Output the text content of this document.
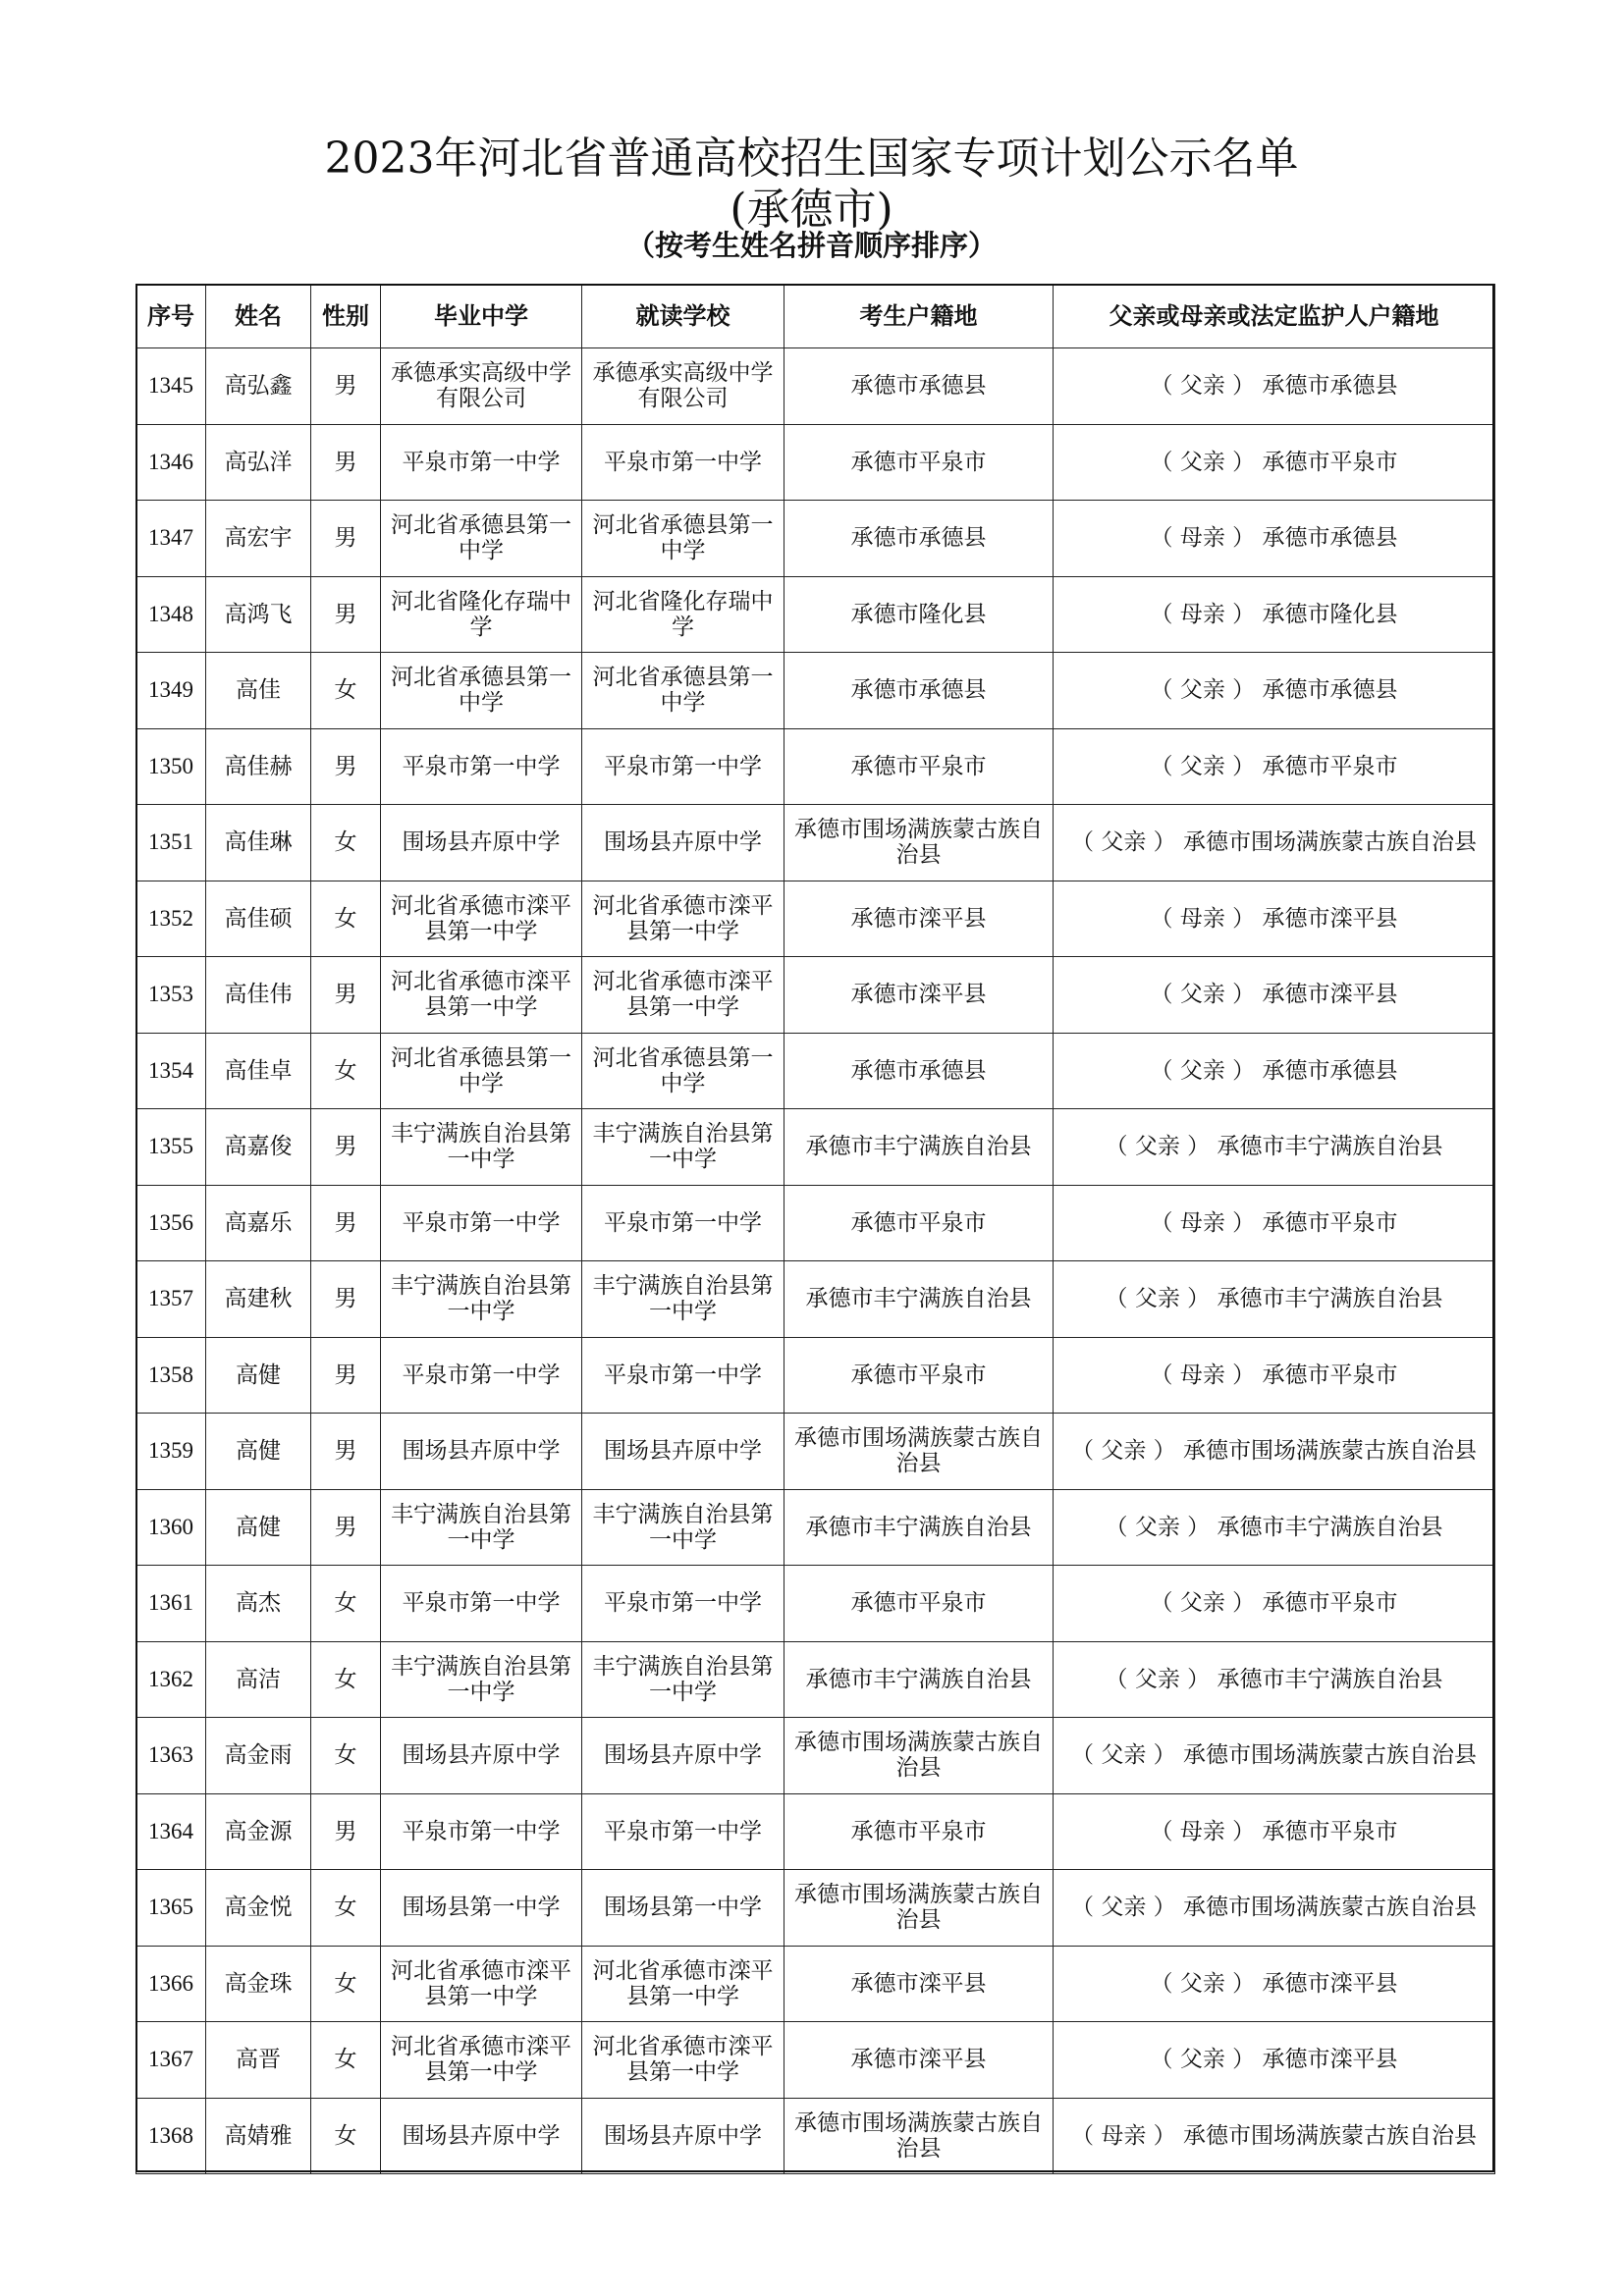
2023年河北省普通高校招生国家专项计划公示名单
(承德市)
（按考生姓名拼音顺序排序）
序号	姓名	性别	毕业中学	就读学校	考生户籍地	父亲或母亲或法定监护人户籍地
1345	高弘鑫	男	承德承实高级中学有限公司	承德承实高级中学有限公司	承德市承德县	（ 父亲 ） 承德市承德县
1346	高弘洋	男	平泉市第一中学	平泉市第一中学	承德市平泉市	（ 父亲 ） 承德市平泉市
1347	高宏宇	男	河北省承德县第一中学	河北省承德县第一中学	承德市承德县	（ 母亲 ） 承德市承德县
1348	高鸿飞	男	河北省隆化存瑞中学	河北省隆化存瑞中学	承德市隆化县	（ 母亲 ） 承德市隆化县
1349	高佳	女	河北省承德县第一中学	河北省承德县第一中学	承德市承德县	（ 父亲 ） 承德市承德县
1350	高佳赫	男	平泉市第一中学	平泉市第一中学	承德市平泉市	（ 父亲 ） 承德市平泉市
1351	高佳琳	女	围场县卉原中学	围场县卉原中学	承德市围场满族蒙古族自治县	（ 父亲 ） 承德市围场满族蒙古族自治县
1352	高佳硕	女	河北省承德市滦平县第一中学	河北省承德市滦平县第一中学	承德市滦平县	（ 母亲 ） 承德市滦平县
1353	高佳伟	男	河北省承德市滦平县第一中学	河北省承德市滦平县第一中学	承德市滦平县	（ 父亲 ） 承德市滦平县
1354	高佳卓	女	河北省承德县第一中学	河北省承德县第一中学	承德市承德县	（ 父亲 ） 承德市承德县
1355	高嘉俊	男	丰宁满族自治县第一中学	丰宁满族自治县第一中学	承德市丰宁满族自治县	（ 父亲 ） 承德市丰宁满族自治县
1356	高嘉乐	男	平泉市第一中学	平泉市第一中学	承德市平泉市	（ 母亲 ） 承德市平泉市
1357	高建秋	男	丰宁满族自治县第一中学	丰宁满族自治县第一中学	承德市丰宁满族自治县	（ 父亲 ） 承德市丰宁满族自治县
1358	高健	男	平泉市第一中学	平泉市第一中学	承德市平泉市	（ 母亲 ） 承德市平泉市
1359	高健	男	围场县卉原中学	围场县卉原中学	承德市围场满族蒙古族自治县	（ 父亲 ） 承德市围场满族蒙古族自治县
1360	高健	男	丰宁满族自治县第一中学	丰宁满族自治县第一中学	承德市丰宁满族自治县	（ 父亲 ） 承德市丰宁满族自治县
1361	高杰	女	平泉市第一中学	平泉市第一中学	承德市平泉市	（ 父亲 ） 承德市平泉市
1362	高洁	女	丰宁满族自治县第一中学	丰宁满族自治县第一中学	承德市丰宁满族自治县	（ 父亲 ） 承德市丰宁满族自治县
1363	高金雨	女	围场县卉原中学	围场县卉原中学	承德市围场满族蒙古族自治县	（ 父亲 ） 承德市围场满族蒙古族自治县
1364	高金源	男	平泉市第一中学	平泉市第一中学	承德市平泉市	（ 母亲 ） 承德市平泉市
1365	高金悦	女	围场县第一中学	围场县第一中学	承德市围场满族蒙古族自治县	（ 父亲 ） 承德市围场满族蒙古族自治县
1366	高金珠	女	河北省承德市滦平县第一中学	河北省承德市滦平县第一中学	承德市滦平县	（ 父亲 ） 承德市滦平县
1367	高晋	女	河北省承德市滦平县第一中学	河北省承德市滦平县第一中学	承德市滦平县	（ 父亲 ） 承德市滦平县
1368	高婧雅	女	围场县卉原中学	围场县卉原中学	承德市围场满族蒙古族自治县	（ 母亲 ） 承德市围场满族蒙古族自治县
